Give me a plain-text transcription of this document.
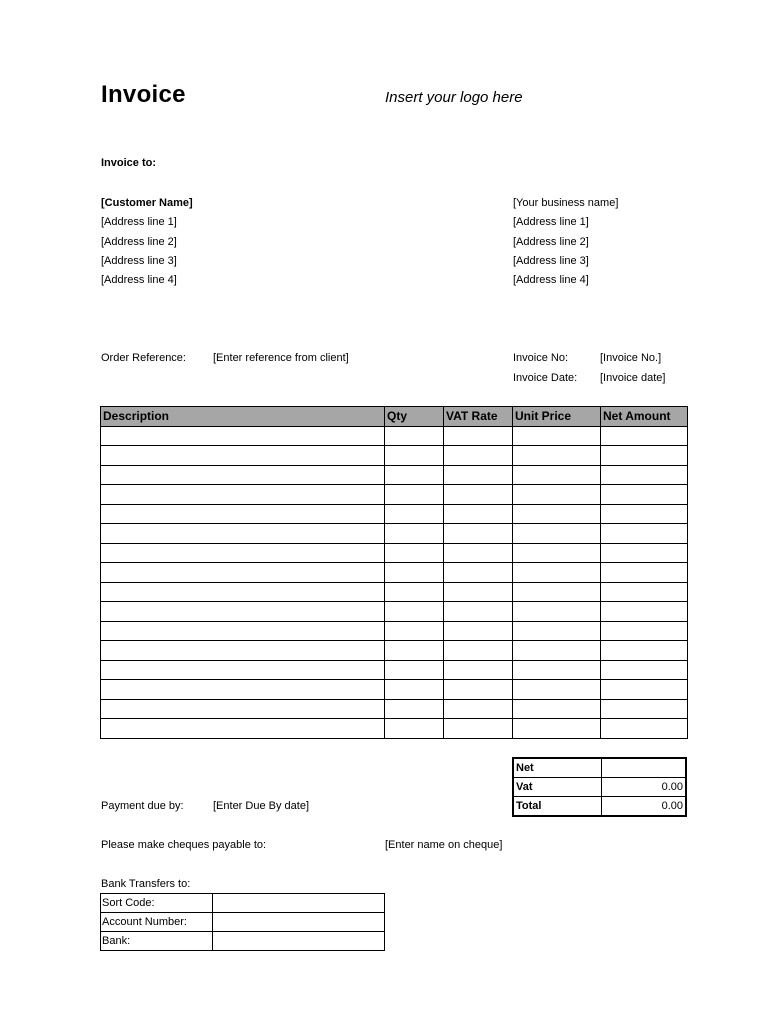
Invoice	Insert your logo here
Invoice to:
[Customer Name]
[Address line 1]
[Address line 2]
[Address line 3]
[Address line 4]
[Your business name]
[Address line 1]
[Address line 2]
[Address line 3]
[Address line 4]
Order Reference: [Enter reference from client]	Invoice No:	[Invoice No.]
Invoice Date: [Invoice date]
Description	Qty	VAT Rate	Unit Price	Net Amount

Net	
Vat	0.00
Total	0.00
Payment due by:	[Enter Due By date]
Please make cheques payable to:	[Enter name on cheque]
Bank Transfers to:
Sort Code:	
Account Number:	
Bank:	
